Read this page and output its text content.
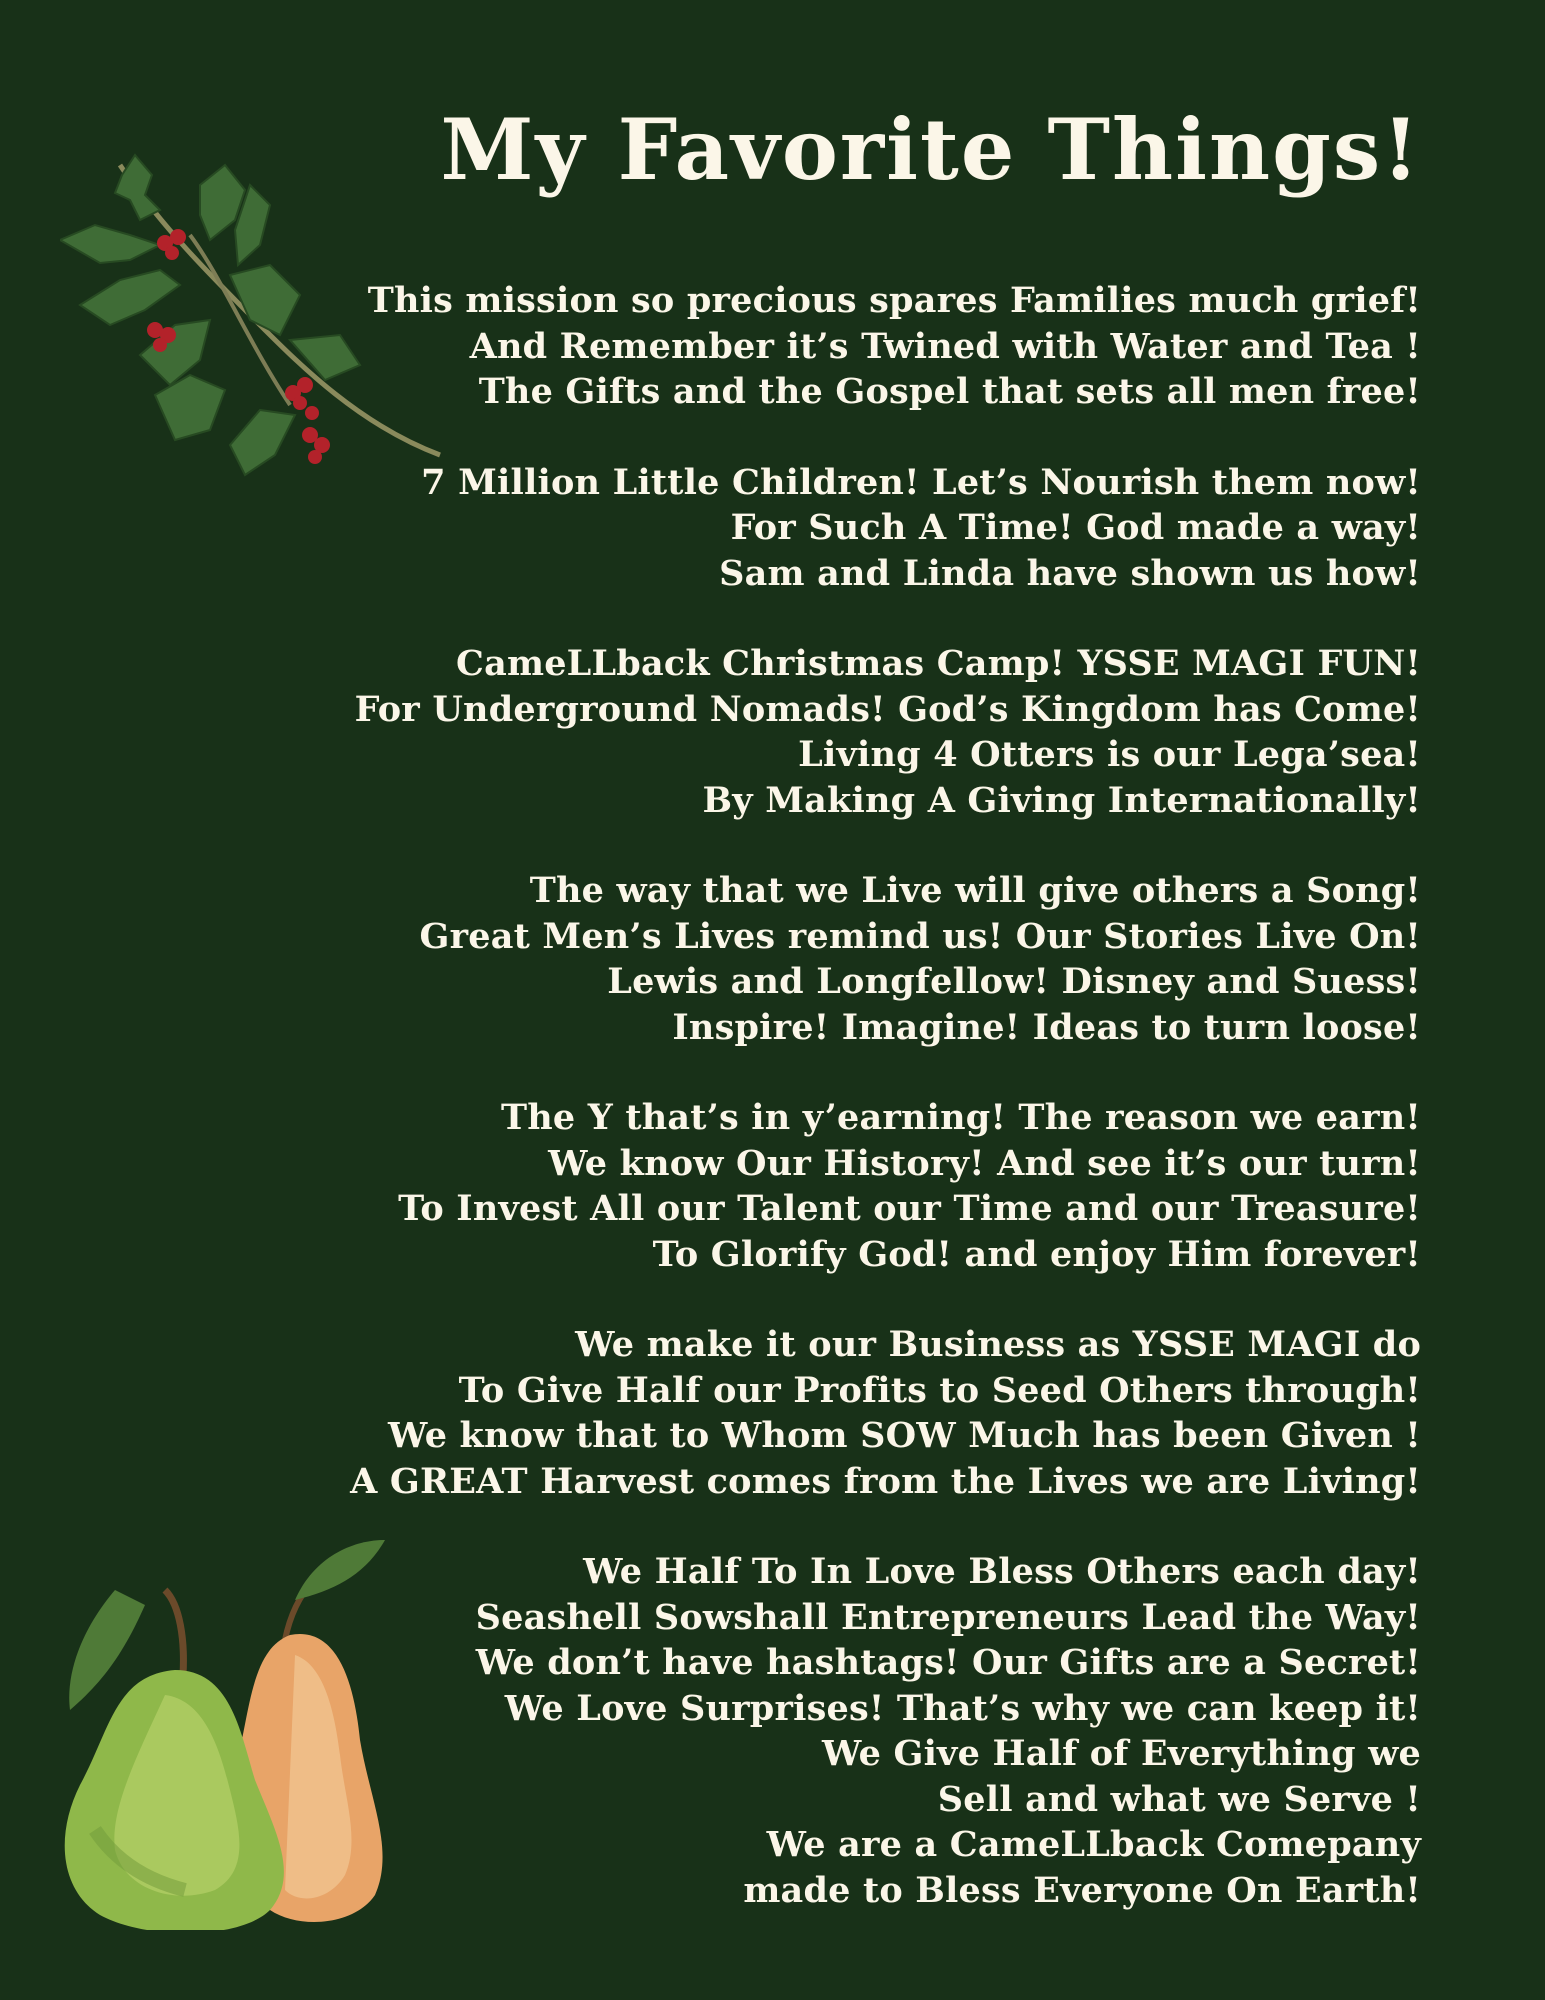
My Favorite Things!
This mission so precious spares Families much grief!
And Remember it’s Twined with Water and Tea !
The Gifts and the Gospel that sets all men free!
7 Million Little Children! Let’s Nourish them now!
For Such A Time! God made a way!
Sam and Linda have shown us how!
CameLLback Christmas Camp! YSSE MAGI FUN!
For Underground Nomads! God’s Kingdom has Come!
Living 4 Otters is our Lega’sea!
By Making A Giving Internationally!
The way that we Live will give others a Song!
Great Men’s Lives remind us! Our Stories Live On!
Lewis and Longfellow! Disney and Suess!
Inspire! Imagine! Ideas to turn loose!
The Y that’s in y’earning! The reason we earn!
We know Our History! And see it’s our turn!
To Invest All our Talent our Time and our Treasure!
To Glorify God! and enjoy Him forever!
We make it our Business as YSSE MAGI do
To Give Half our Profits to Seed Others through!
We know that to Whom SOW Much has been Given !
A GREAT Harvest comes from the Lives we are Living!
We Half To In Love Bless Others each day!
Seashell Sowshall Entrepreneurs Lead the Way!
We don’t have hashtags! Our Gifts are a Secret!
We Love Surprises! That’s why we can keep it!
We Give Half of Everything we
Sell and what we Serve !
We are a CameLLback Comepany
made to Bless Everyone On Earth!
